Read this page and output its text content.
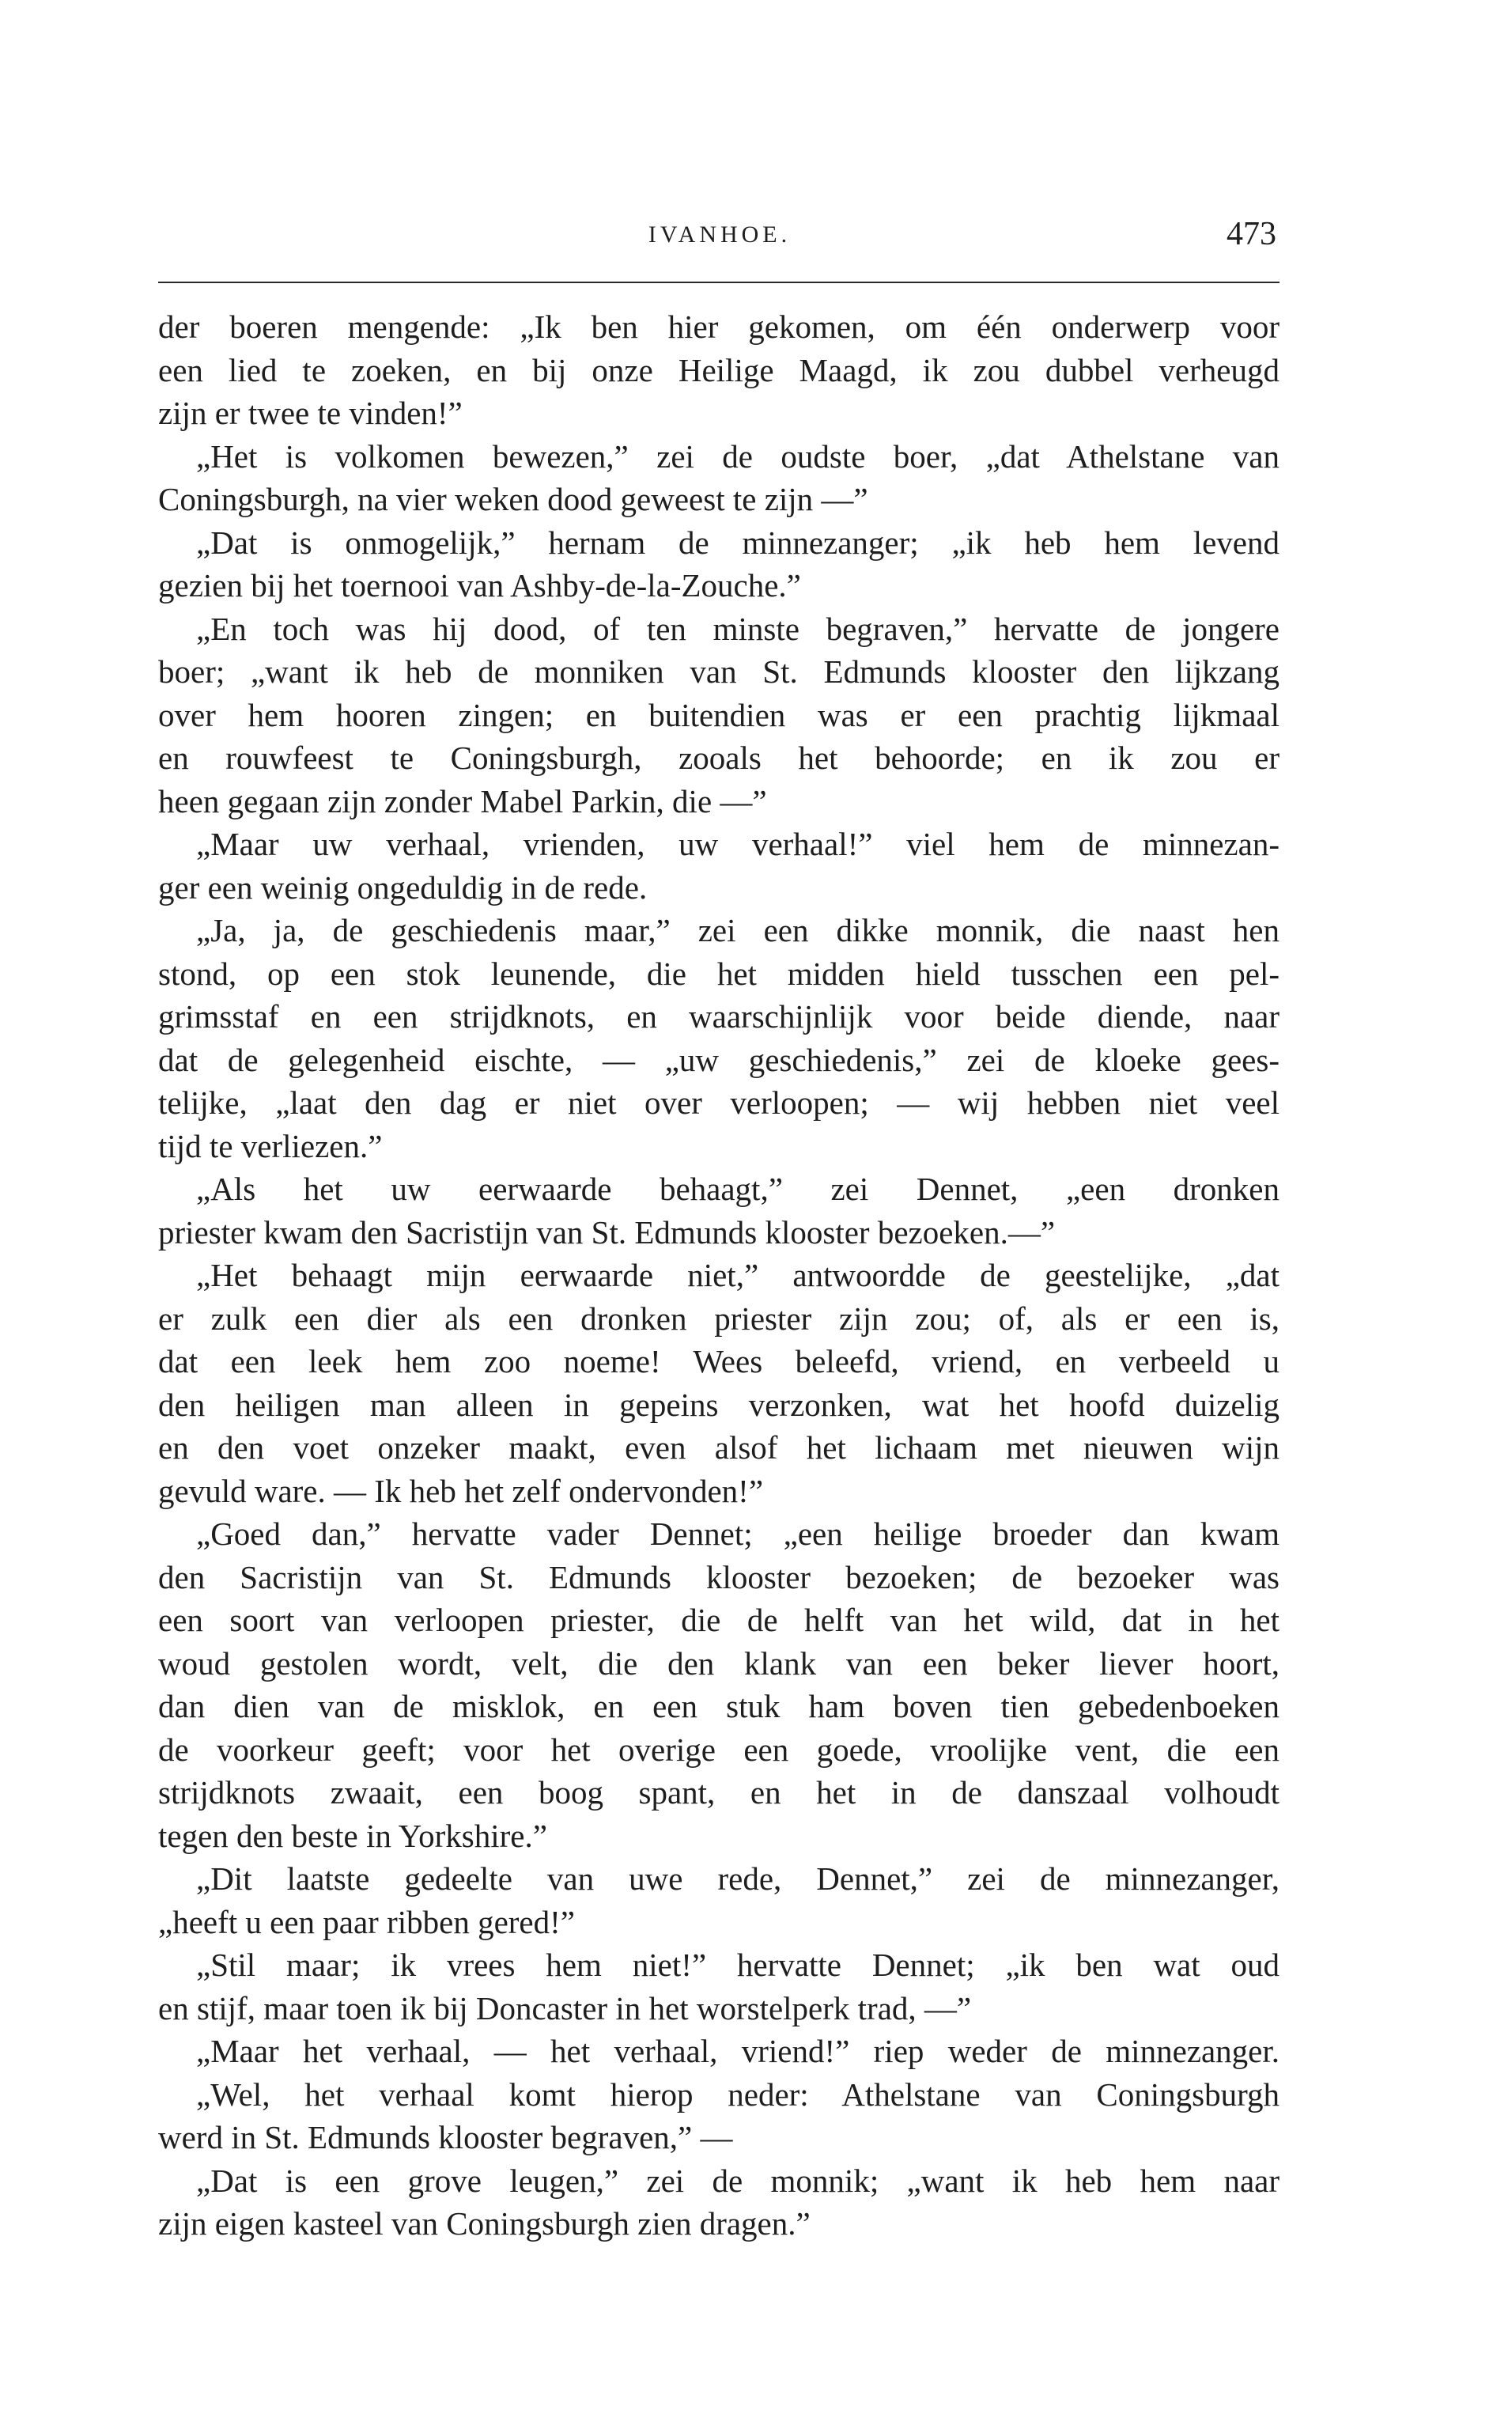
IVANHOE.	473
der boeren mengende: „Ik ben hier gekomen, om één onderwerp voor
een lied te zoeken, en bij onze Heilige Maagd, ik zou dubbel verheugd
zijn er twee te vinden!”
„Het is volkomen bewezen,” zei de oudste boer, „dat Athelstane van
Coningsburgh, na vier weken dood geweest te zijn —”
„Dat is onmogelijk,” hernam de minnezanger; „ik heb hem levend
gezien bij het toernooi van Ashby-de-la-Zouche.”
„En toch was hij dood, of ten minste begraven,” hervatte de jongere
boer; „want ik heb de monniken van St. Edmunds klooster den lijkzang
over hem hooren zingen; en buitendien was er een prachtig lijkmaal
en rouwfeest te Coningsburgh, zooals het behoorde; en ik zou er
heen gegaan zijn zonder Mabel Parkin, die —”
„Maar uw verhaal, vrienden, uw verhaal!” viel hem de minnezan-
ger een weinig ongeduldig in de rede.
„Ja, ja, de geschiedenis maar,” zei een dikke monnik, die naast hen
stond, op een stok leunende, die het midden hield tusschen een pel-
grimsstaf en een strijdknots, en waarschijnlijk voor beide diende, naar
dat de gelegenheid eischte, — „uw geschiedenis,” zei de kloeke gees-
telijke, „laat den dag er niet over verloopen; — wij hebben niet veel
tijd te verliezen.”
„Als het uw eerwaarde behaagt,” zei Dennet, „een dronken
priester kwam den Sacristijn van St. Edmunds klooster bezoeken.—”
„Het behaagt mijn eerwaarde niet,” antwoordde de geestelijke, „dat
er zulk een dier als een dronken priester zijn zou; of, als er een is,
dat een leek hem zoo noeme! Wees beleefd, vriend, en verbeeld u
den heiligen man alleen in gepeins verzonken, wat het hoofd duizelig
en den voet onzeker maakt, even alsof het lichaam met nieuwen wijn
gevuld ware. — Ik heb het zelf ondervonden!”
„Goed dan,” hervatte vader Dennet; „een heilige broeder dan kwam
den Sacristijn van St. Edmunds klooster bezoeken; de bezoeker was
een soort van verloopen priester, die de helft van het wild, dat in het
woud gestolen wordt, velt, die den klank van een beker liever hoort,
dan dien van de misklok, en een stuk ham boven tien gebedenboeken
de voorkeur geeft; voor het overige een goede, vroolijke vent, die een
strijdknots zwaait, een boog spant, en het in de danszaal volhoudt
tegen den beste in Yorkshire.”
„Dit laatste gedeelte van uwe rede, Dennet,” zei de minnezanger,
„heeft u een paar ribben gered!”
„Stil maar; ik vrees hem niet!” hervatte Dennet; „ik ben wat oud
en stijf, maar toen ik bij Doncaster in het worstelperk trad, —”
„Maar het verhaal, — het verhaal, vriend!” riep weder de minnezanger.
„Wel, het verhaal komt hierop neder: Athelstane van Coningsburgh
werd in St. Edmunds klooster begraven,” —
„Dat is een grove leugen,” zei de monnik; „want ik heb hem naar
zijn eigen kasteel van Coningsburgh zien dragen.”
